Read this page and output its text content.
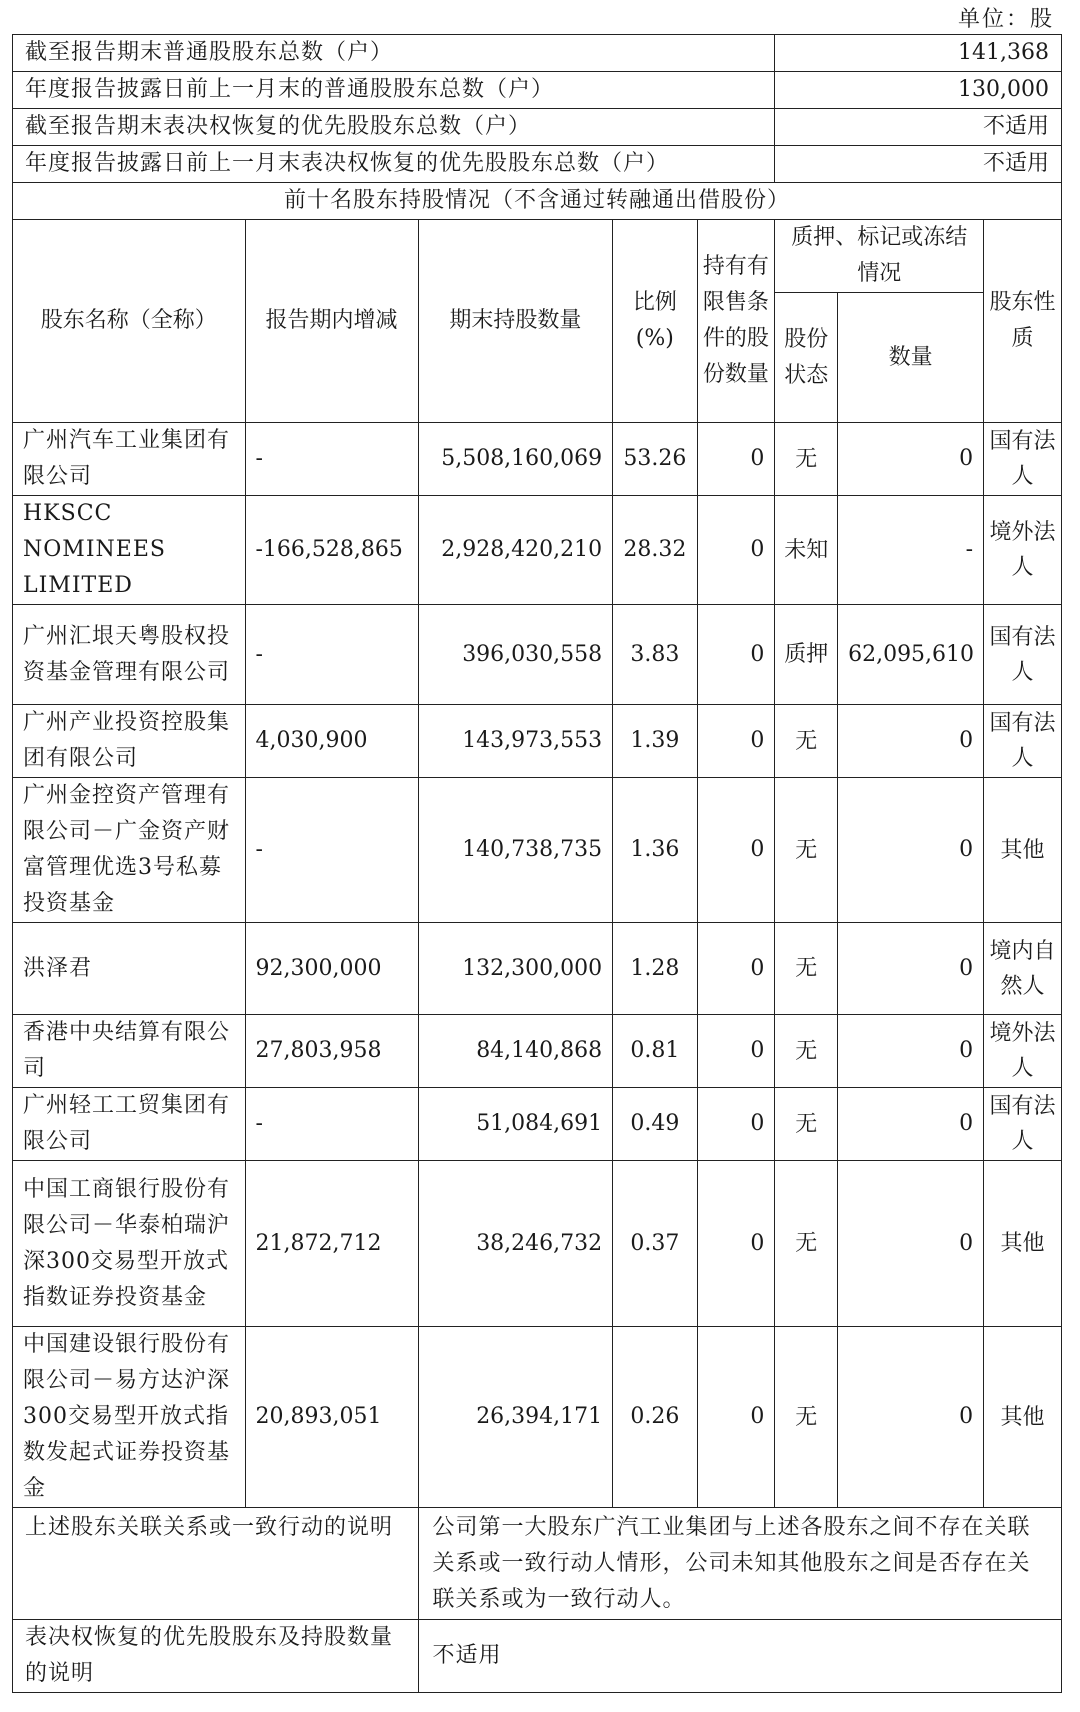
单位：股
截至报告期末普通股股东总数（户）					141,368		
年度报告披露日前上一月末的普通股股东总数（户）					130,000		
截至报告期末表决权恢复的优先股股东总数（户）					不适用		
年度报告披露日前上一月末表决权恢复的优先股股东总数（户）					不适用		
前十名股东持股情况（不含通过转融通出借股份）							
股东名称（全称）	报告期内增减	期末持股数量	比例(%)	持有有限售条件的股份数量	质押、标记或冻结情况		股东性质
					股份状态	数量	
广州汽车工业集团有限公司	-	5,508,160,069	53.26	0	无	0	国有法人
HKSCC NOMINEES LIMITED	-166,528,865	2,928,420,210	28.32	0	未知	-	境外法人
广州汇垠天粤股权投资基金管理有限公司	-	396,030,558	3.83	0	质押	62,095,610	国有法人
广州产业投资控股集团有限公司	4,030,900	143,973,553	1.39	0	无	0	国有法人
广州金控资产管理有限公司－广金资产财富管理优选3号私募投资基金	-	140,738,735	1.36	0	无	0	其他
洪泽君	92,300,000	132,300,000	1.28	0	无	0	境内自然人
香港中央结算有限公司	27,803,958	84,140,868	0.81	0	无	0	境外法人
广州轻工工贸集团有限公司	-	51,084,691	0.49	0	无	0	国有法人
中国工商银行股份有限公司－华泰柏瑞沪深300交易型开放式指数证券投资基金	21,872,712	38,246,732	0.37	0	无	0	其他
中国建设银行股份有限公司－易方达沪深300交易型开放式指数发起式证券投资基金	20,893,051	26,394,171	0.26	0	无	0	其他
上述股东关联关系或一致行动的说明		公司第一大股东广汽工业集团与上述各股东之间不存在关联关系或一致行动人情形，公司未知其他股东之间是否存在关联关系或为一致行动人。					
表决权恢复的优先股股东及持股数量的说明		不适用					
